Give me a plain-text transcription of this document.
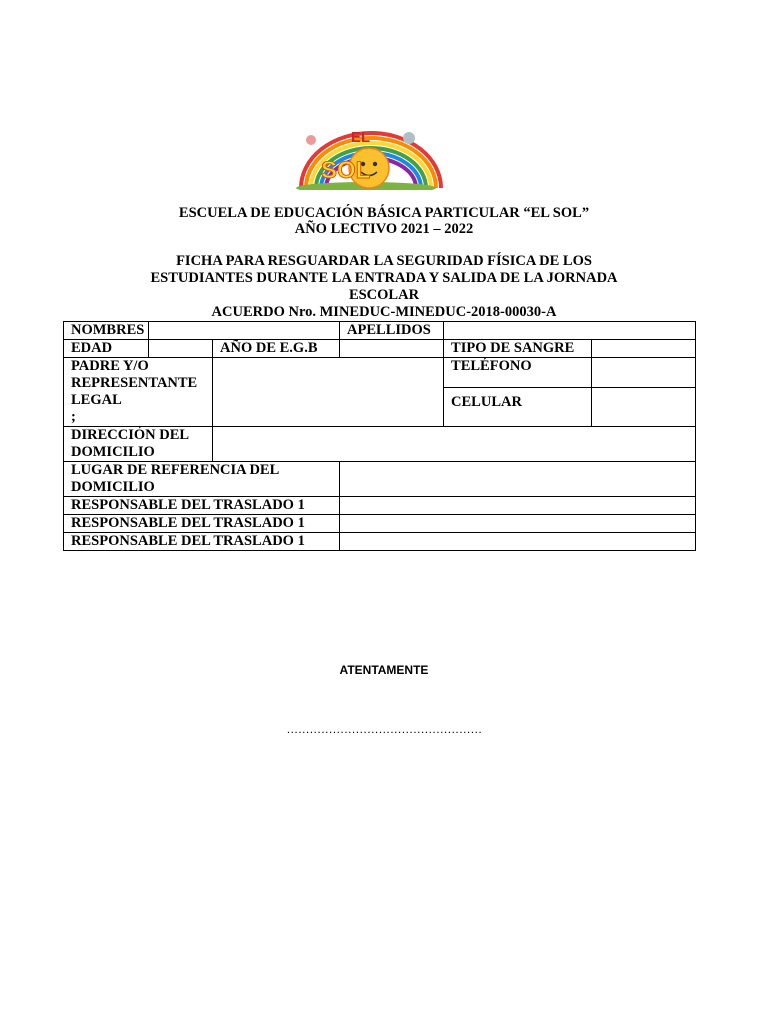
EL
SOL
ESCUELA DE EDUCACIÓN BÁSICA PARTICULAR “EL SOL”
AÑO LECTIVO 2021 – 2022
FICHA PARA RESGUARDAR LA SEGURIDAD FÍSICA DE LOS
ESTUDIANTES DURANTE LA ENTRADA Y SALIDA DE LA JORNADA
ESCOLAR
ACUERDO Nro. MINEDUC-MINEDUC-2018-00030-A
NOMBRES			APELLIDOS		
EDAD		AÑO DE E.G.B		TIPO DE SANGRE	

PADRE Y/O
REPRESENTANTE
LEGAL
;				TELÉFONO	
				CELULAR	

DIRECCIÓN DEL
DOMICILIO					

LUGAR DE REFERENCIA DEL
DOMICILIO					

RESPONSABLE DEL TRASLADO 1					
RESPONSABLE DEL TRASLADO 1					
RESPONSABLE DEL TRASLADO 1					
ATENTAMENTE
……………………………………………
